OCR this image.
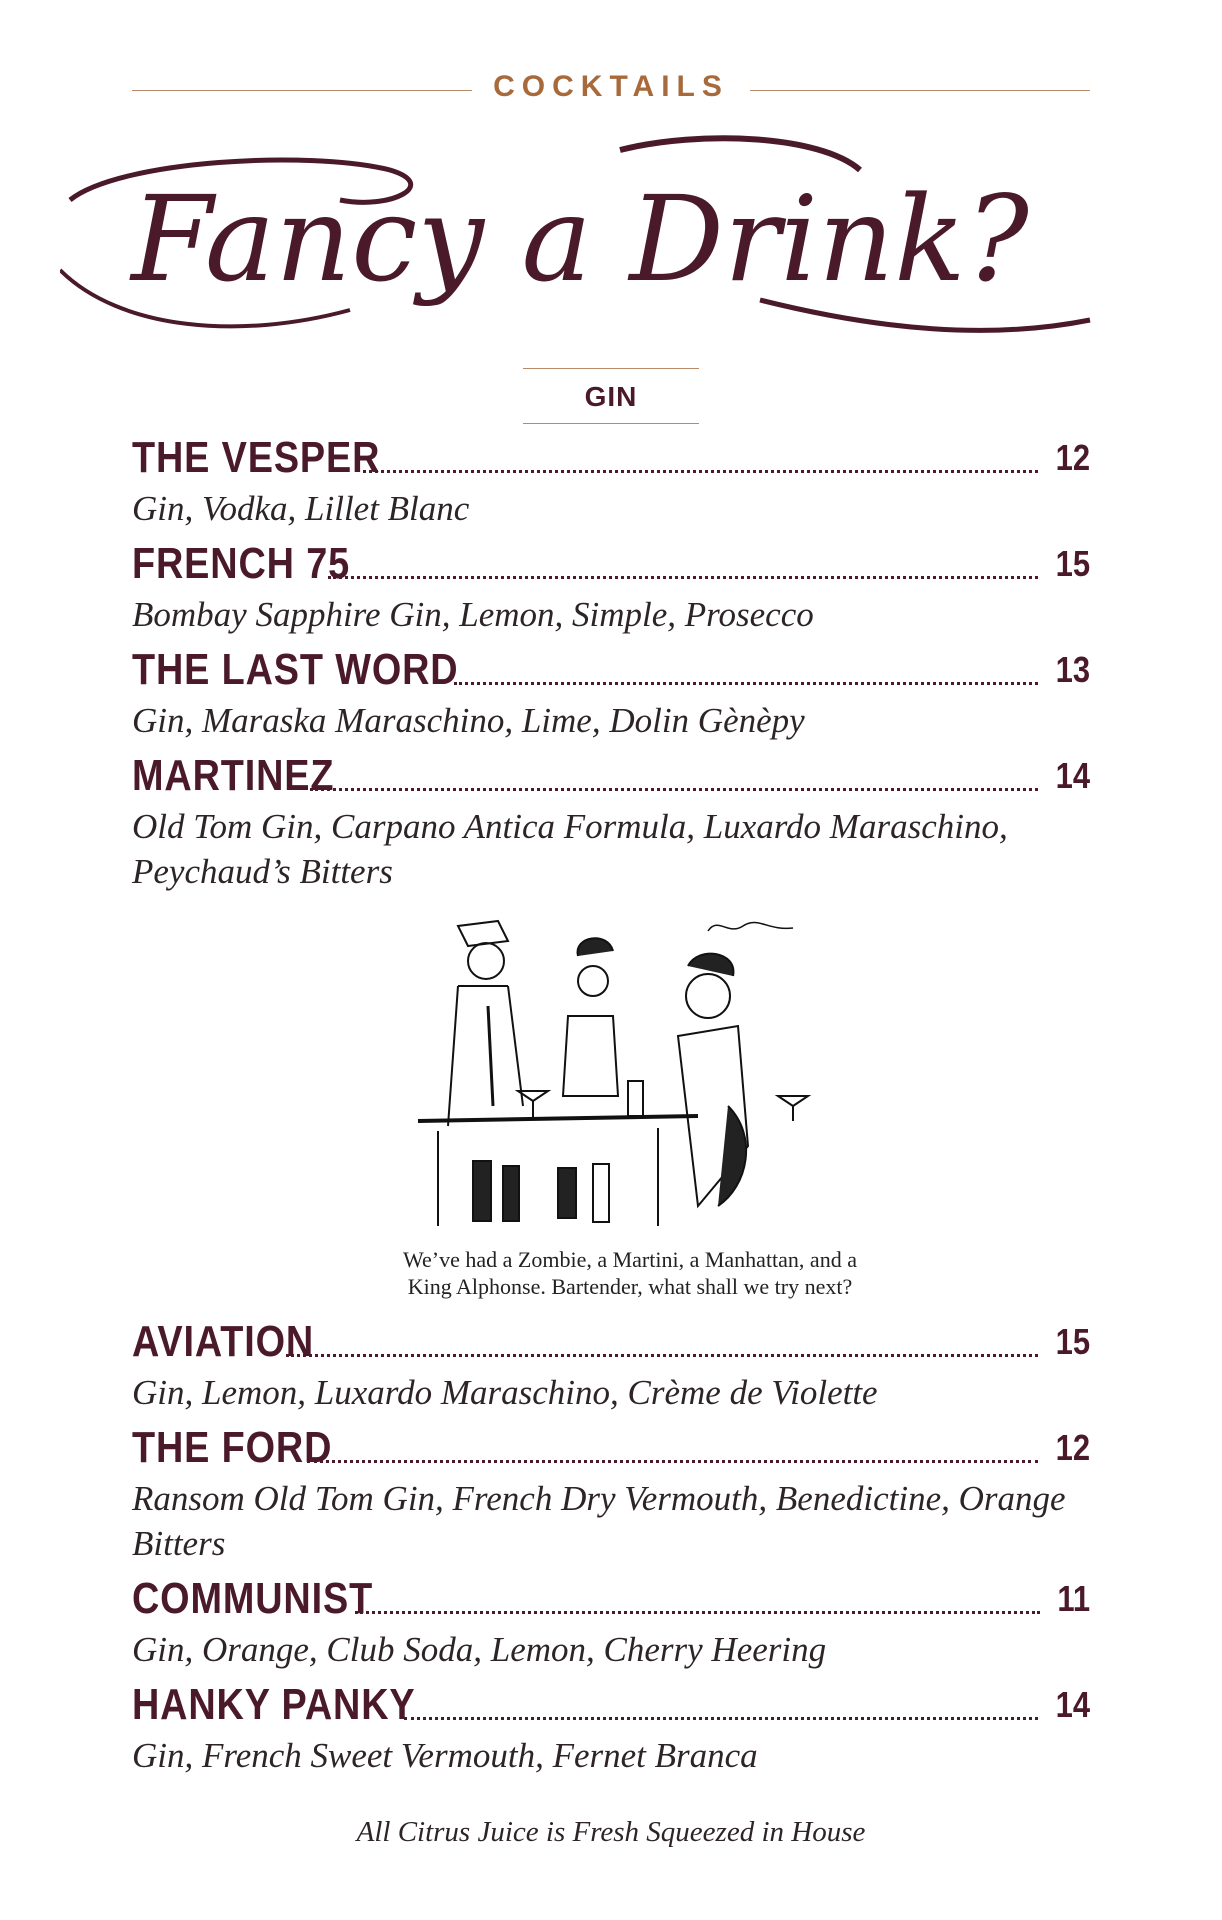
COCKTAILS
Fancy a Drink?
GIN
THE VESPER	12
Gin, Vodka, Lillet Blanc
FRENCH 75	15
Bombay Sapphire Gin, Lemon, Simple, Prosecco
THE LAST WORD	13
Gin, Maraska Maraschino, Lime, Dolin Gènèpy
MARTINEZ	14
Old Tom Gin, Carpano Antica Formula, Luxardo Maraschino, Peychaud’s Bitters
We’ve had a Zombie, a Martini, a Manhattan, and a
King Alphonse. Bartender, what shall we try next?
AVIATION	15
Gin, Lemon, Luxardo Maraschino, Crème de Violette
THE FORD	12
Ransom Old Tom Gin, French Dry Vermouth, Benedictine, Orange Bitters
COMMUNIST	11
Gin, Orange, Club Soda, Lemon, Cherry Heering
HANKY PANKY	14
Gin, French Sweet Vermouth, Fernet Branca
All Citrus Juice is Fresh Squeezed in House
